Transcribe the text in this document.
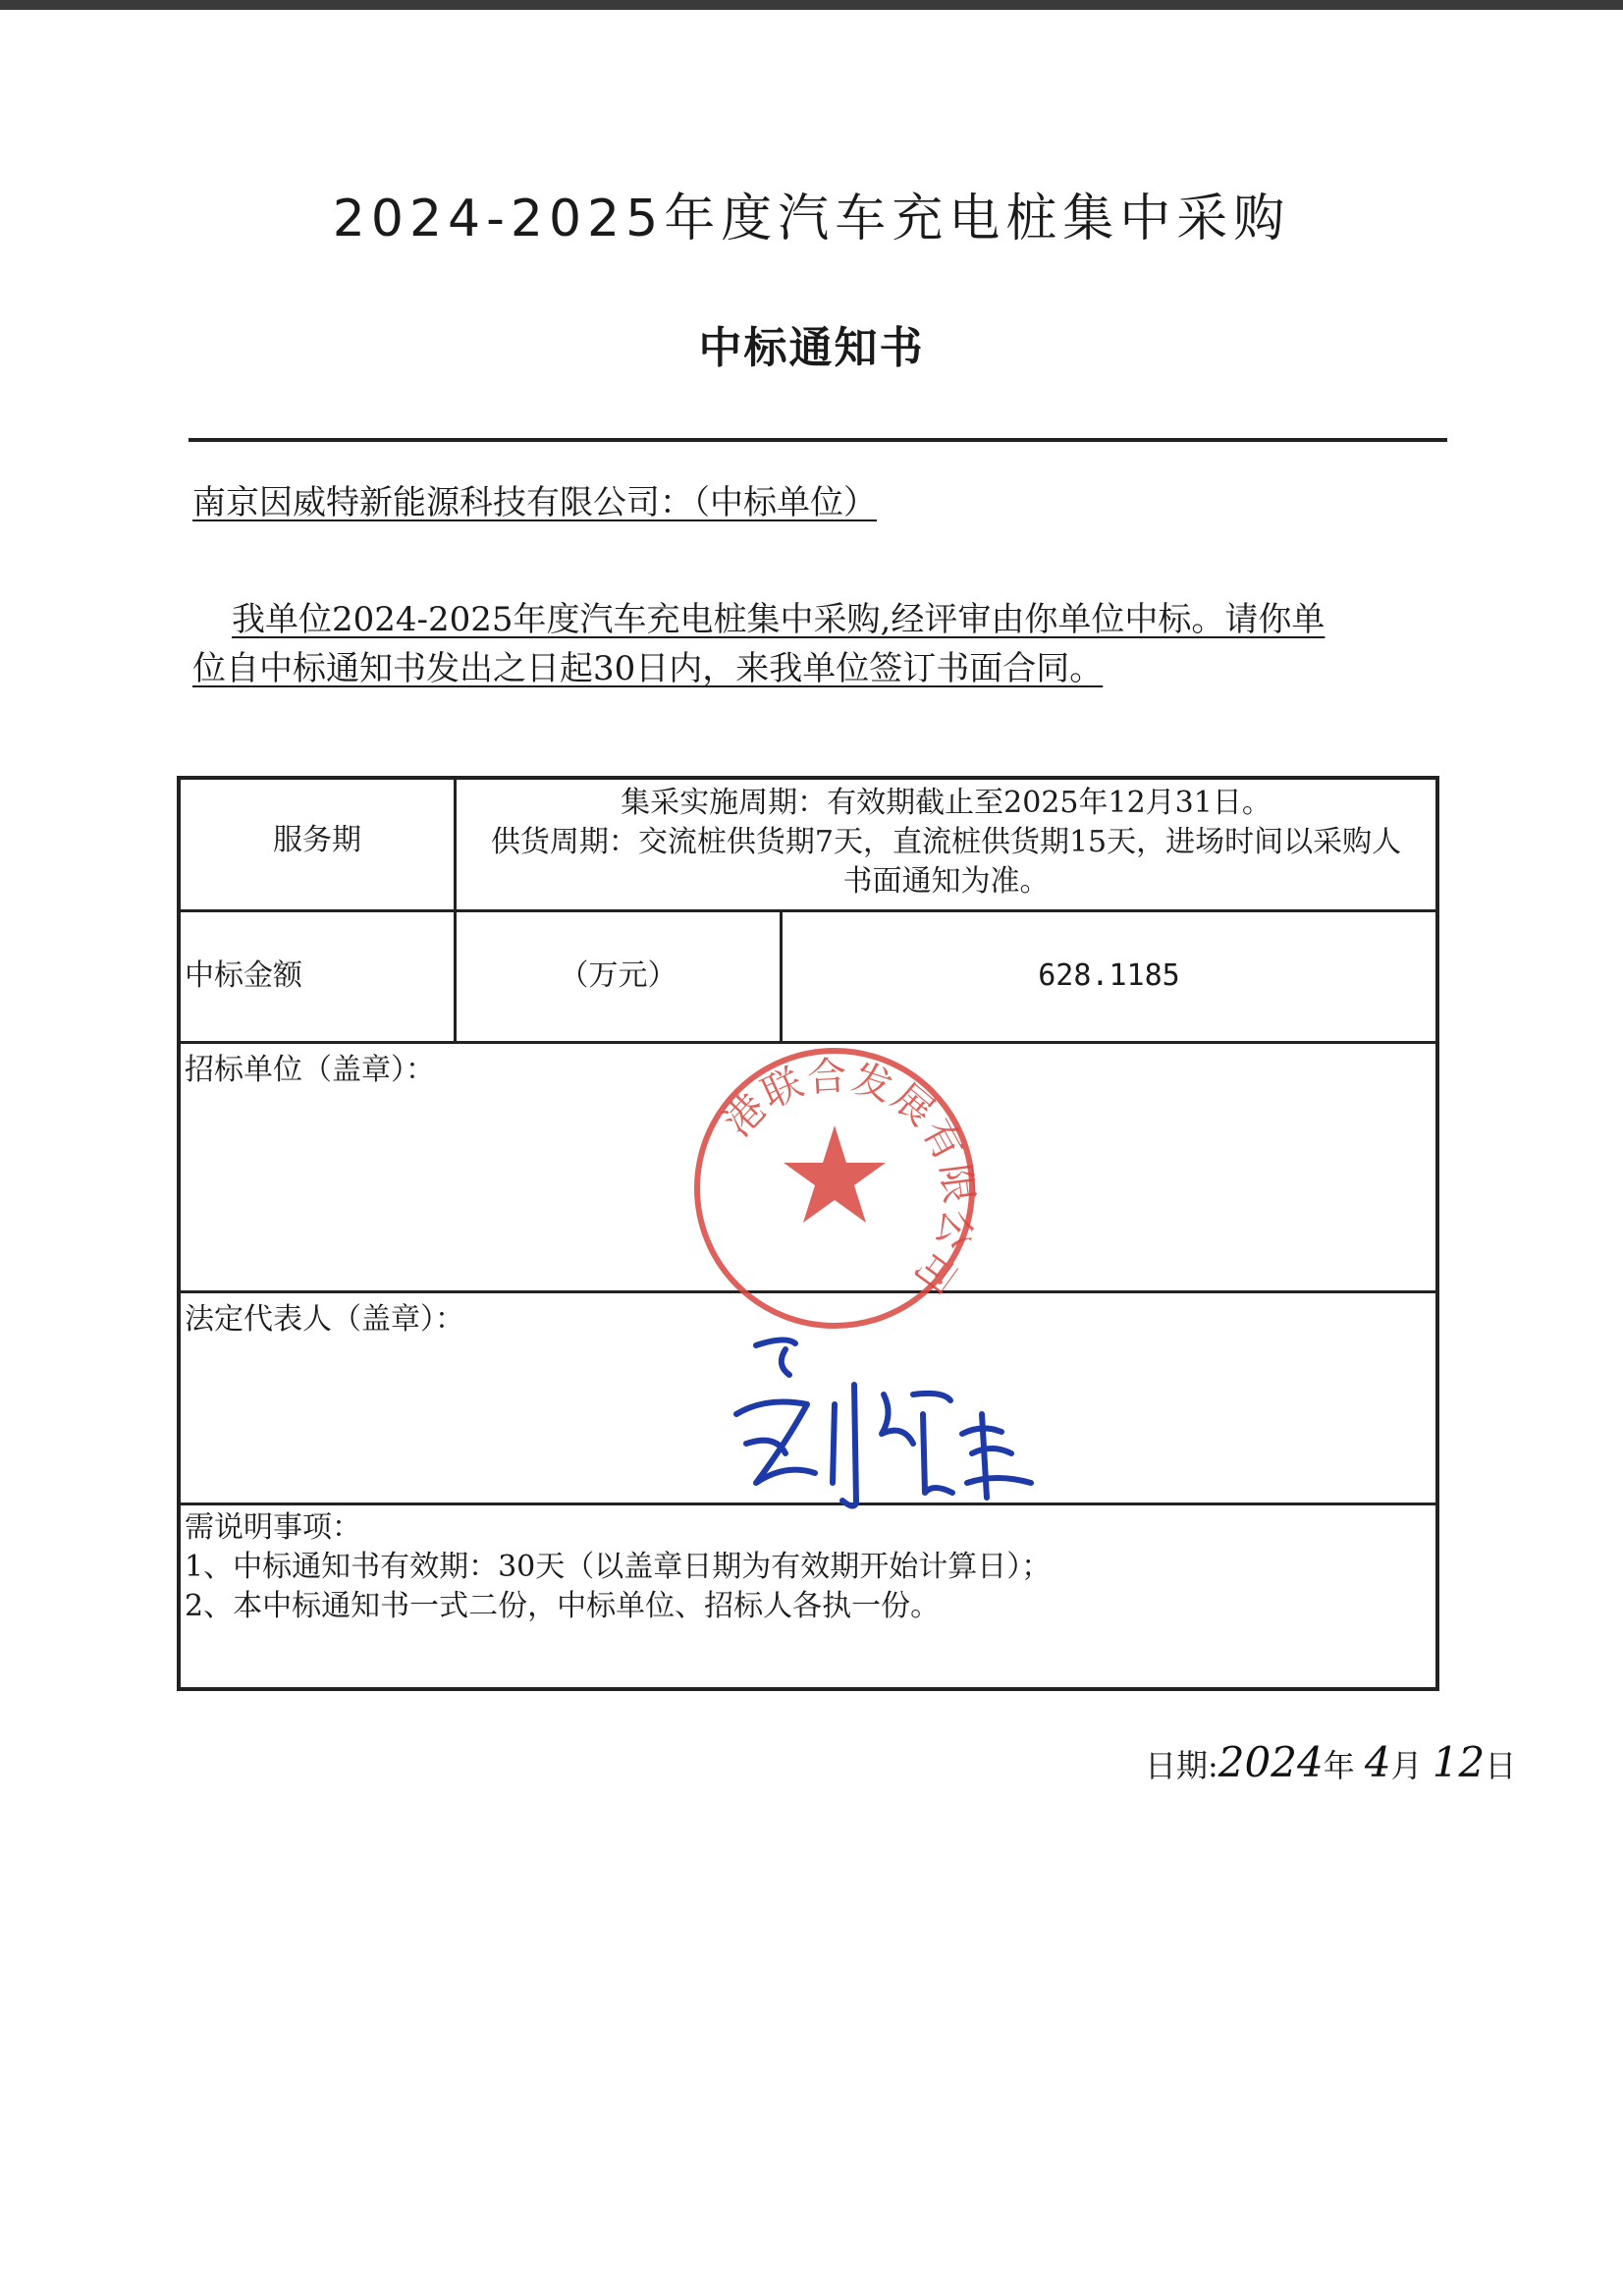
2024-2025年度汽车充电桩集中采购
中标通知书
南京因威特新能源科技有限公司：（中标单位）
我单位2024-2025年度汽车充电桩集中采购,经评审由你单位中标。请你单
位自中标通知书发出之日起30日内，来我单位签订书面合同。
服务期
集采实施周期：有效期截止至2025年12月31日。
供货周期：交流桩供货期7天，直流桩供货期15天，进场时间以采购人
书面通知为准。
中标金额	（万元）	628.1185
招标单位（盖章）：
法定代表人（盖章）：
需说明事项：
1、中标通知书有效期：30天（以盖章日期为有效期开始计算日）；
2、本中标通知书一式二份，中标单位、招标人各执一份。
港联合发展有限公司
日期:2024年 4月 12日
